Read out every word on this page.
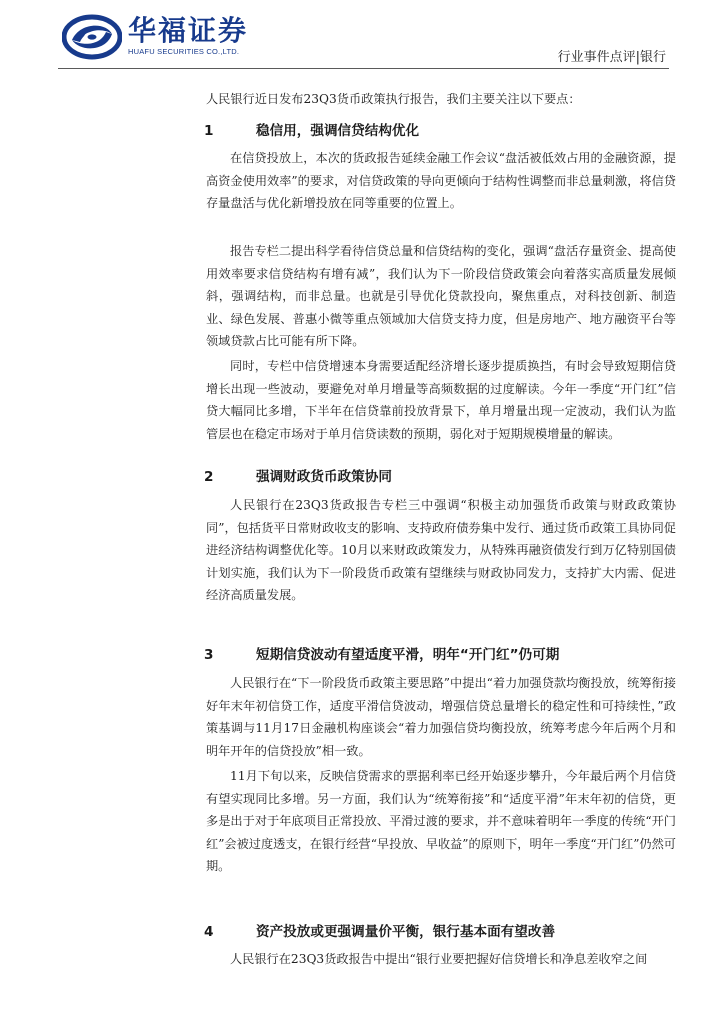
华福证券
HUAFU SECURITIES CO.,LTD.	行业事件点评|银行
人民银行近日发布23Q3货币政策执行报告，我们主要关注以下要点：
1	稳信用，强调信贷结构优化
在信贷投放上，本次的货政报告延续金融工作会议“盘活被低效占用的金融资源，提高资金使用效率”的要求，对信贷政策的导向更倾向于结构性调整而非总量刺激，将信贷存量盘活与优化新增投放在同等重要的位置上。
报告专栏二提出科学看待信贷总量和信贷结构的变化，强调“盘活存量资金、提高使用效率要求信贷结构有增有减”，我们认为下一阶段信贷政策会向着落实高质量发展倾斜，强调结构，而非总量。也就是引导优化贷款投向，聚焦重点，对科技创新、制造业、绿色发展、普惠小微等重点领域加大信贷支持力度，但是房地产、地方融资平台等领域贷款占比可能有所下降。
同时，专栏中信贷增速本身需要适配经济增长逐步提质换挡，有时会导致短期信贷增长出现一些波动，要避免对单月增量等高频数据的过度解读。今年一季度“开门红”信贷大幅同比多增，下半年在信贷靠前投放背景下，单月增量出现一定波动，我们认为监管层也在稳定市场对于单月信贷读数的预期，弱化对于短期规模增量的解读。
2	强调财政货币政策协同
人民银行在23Q3货政报告专栏三中强调“积极主动加强货币政策与财政政策协同”，包括货平日常财政收支的影响、支持政府债券集中发行、通过货币政策工具协同促进经济结构调整优化等。10月以来财政政策发力，从特殊再融资债发行到万亿特别国债计划实施，我们认为下一阶段货币政策有望继续与财政协同发力，支持扩大内需、促进经济高质量发展。
3	短期信贷波动有望适度平滑，明年“开门红”仍可期
人民银行在“下一阶段货币政策主要思路”中提出“着力加强贷款均衡投放，统筹衔接好年末年初信贷工作，适度平滑信贷波动，增强信贷总量增长的稳定性和可持续性，”政策基调与11月17日金融机构座谈会“着力加强信贷均衡投放，统筹考虑今年后两个月和明年开年的信贷投放”相一致。
11月下旬以来，反映信贷需求的票据利率已经开始逐步攀升，今年最后两个月信贷有望实现同比多增。另一方面，我们认为“统筹衔接”和“适度平滑”年末年初的信贷，更多是出于对于年底项目正常投放、平滑过渡的要求，并不意味着明年一季度的传统“开门红”会被过度透支，在银行经营“早投放、早收益”的原则下，明年一季度“开门红”仍然可期。
4	资产投放或更强调量价平衡，银行基本面有望改善
人民银行在23Q3货政报告中提出“银行业要把握好信贷增长和净息差收窄之间
